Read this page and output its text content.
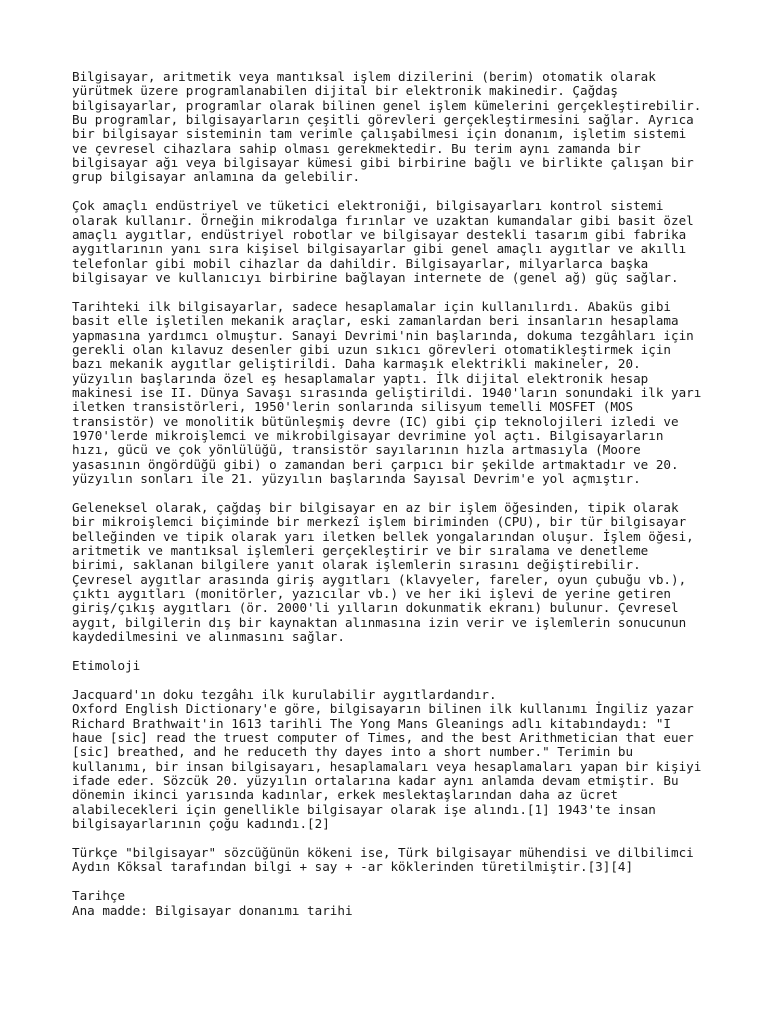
Bilgisayar, aritmetik veya mantıksal işlem dizilerini (berim) otomatik olarak
yürütmek üzere programlanabilen dijital bir elektronik makinedir. Çağdaş
bilgisayarlar, programlar olarak bilinen genel işlem kümelerini gerçekleştirebilir.
Bu programlar, bilgisayarların çeşitli görevleri gerçekleştirmesini sağlar. Ayrıca
bir bilgisayar sisteminin tam verimle çalışabilmesi için donanım, işletim sistemi
ve çevresel cihazlara sahip olması gerekmektedir. Bu terim aynı zamanda bir
bilgisayar ağı veya bilgisayar kümesi gibi birbirine bağlı ve birlikte çalışan bir
grup bilgisayar anlamına da gelebilir.
Çok amaçlı endüstriyel ve tüketici elektroniği, bilgisayarları kontrol sistemi
olarak kullanır. Örneğin mikrodalga fırınlar ve uzaktan kumandalar gibi basit özel
amaçlı aygıtlar, endüstriyel robotlar ve bilgisayar destekli tasarım gibi fabrika
aygıtlarının yanı sıra kişisel bilgisayarlar gibi genel amaçlı aygıtlar ve akıllı
telefonlar gibi mobil cihazlar da dahildir. Bilgisayarlar, milyarlarca başka
bilgisayar ve kullanıcıyı birbirine bağlayan internete de (genel ağ) güç sağlar.
Tarihteki ilk bilgisayarlar, sadece hesaplamalar için kullanılırdı. Abaküs gibi
basit elle işletilen mekanik araçlar, eski zamanlardan beri insanların hesaplama
yapmasına yardımcı olmuştur. Sanayi Devrimi'nin başlarında, dokuma tezgâhları için
gerekli olan kılavuz desenler gibi uzun sıkıcı görevleri otomatikleştirmek için
bazı mekanik aygıtlar geliştirildi. Daha karmaşık elektrikli makineler, 20.
yüzyılın başlarında özel eş hesaplamalar yaptı. İlk dijital elektronik hesap
makinesi ise II. Dünya Savaşı sırasında geliştirildi. 1940'ların sonundaki ilk yarı
iletken transistörleri, 1950'lerin sonlarında silisyum temelli MOSFET (MOS
transistör) ve monolitik bütünleşmiş devre (IC) gibi çip teknolojileri izledi ve
1970'lerde mikroişlemci ve mikrobilgisayar devrimine yol açtı. Bilgisayarların
hızı, gücü ve çok yönlülüğü, transistör sayılarının hızla artmasıyla (Moore
yasasının öngördüğü gibi) o zamandan beri çarpıcı bir şekilde artmaktadır ve 20.
yüzyılın sonları ile 21. yüzyılın başlarında Sayısal Devrim'e yol açmıştır.
Geleneksel olarak, çağdaş bir bilgisayar en az bir işlem öğesinden, tipik olarak
bir mikroişlemci biçiminde bir merkezî işlem biriminden (CPU), bir tür bilgisayar
belleğinden ve tipik olarak yarı iletken bellek yongalarından oluşur. İşlem öğesi,
aritmetik ve mantıksal işlemleri gerçekleştirir ve bir sıralama ve denetleme
birimi, saklanan bilgilere yanıt olarak işlemlerin sırasını değiştirebilir.
Çevresel aygıtlar arasında giriş aygıtları (klavyeler, fareler, oyun çubuğu vb.),
çıktı aygıtları (monitörler, yazıcılar vb.) ve her iki işlevi de yerine getiren
giriş/çıkış aygıtları (ör. 2000'li yılların dokunmatik ekranı) bulunur. Çevresel
aygıt, bilgilerin dış bir kaynaktan alınmasına izin verir ve işlemlerin sonucunun
kaydedilmesini ve alınmasını sağlar.
Etimoloji
Jacquard'ın doku tezgâhı ilk kurulabilir aygıtlardandır.
Oxford English Dictionary'e göre, bilgisayarın bilinen ilk kullanımı İngiliz yazar
Richard Brathwait'in 1613 tarihli The Yong Mans Gleanings adlı kitabındaydı: "I
haue [sic] read the truest computer of Times, and the best Arithmetician that euer
[sic] breathed, and he reduceth thy dayes into a short number." Terimin bu
kullanımı, bir insan bilgisayarı, hesaplamaları veya hesaplamaları yapan bir kişiyi
ifade eder. Sözcük 20. yüzyılın ortalarına kadar aynı anlamda devam etmiştir. Bu
dönemin ikinci yarısında kadınlar, erkek meslektaşlarından daha az ücret
alabilecekleri için genellikle bilgisayar olarak işe alındı.[1] 1943'te insan
bilgisayarlarının çoğu kadındı.[2]
Türkçe "bilgisayar" sözcüğünün kökeni ise, Türk bilgisayar mühendisi ve dilbilimci
Aydın Köksal tarafından bilgi + say + -ar köklerinden türetilmiştir.[3][4]
Tarihçe
Ana madde: Bilgisayar donanımı tarihi
